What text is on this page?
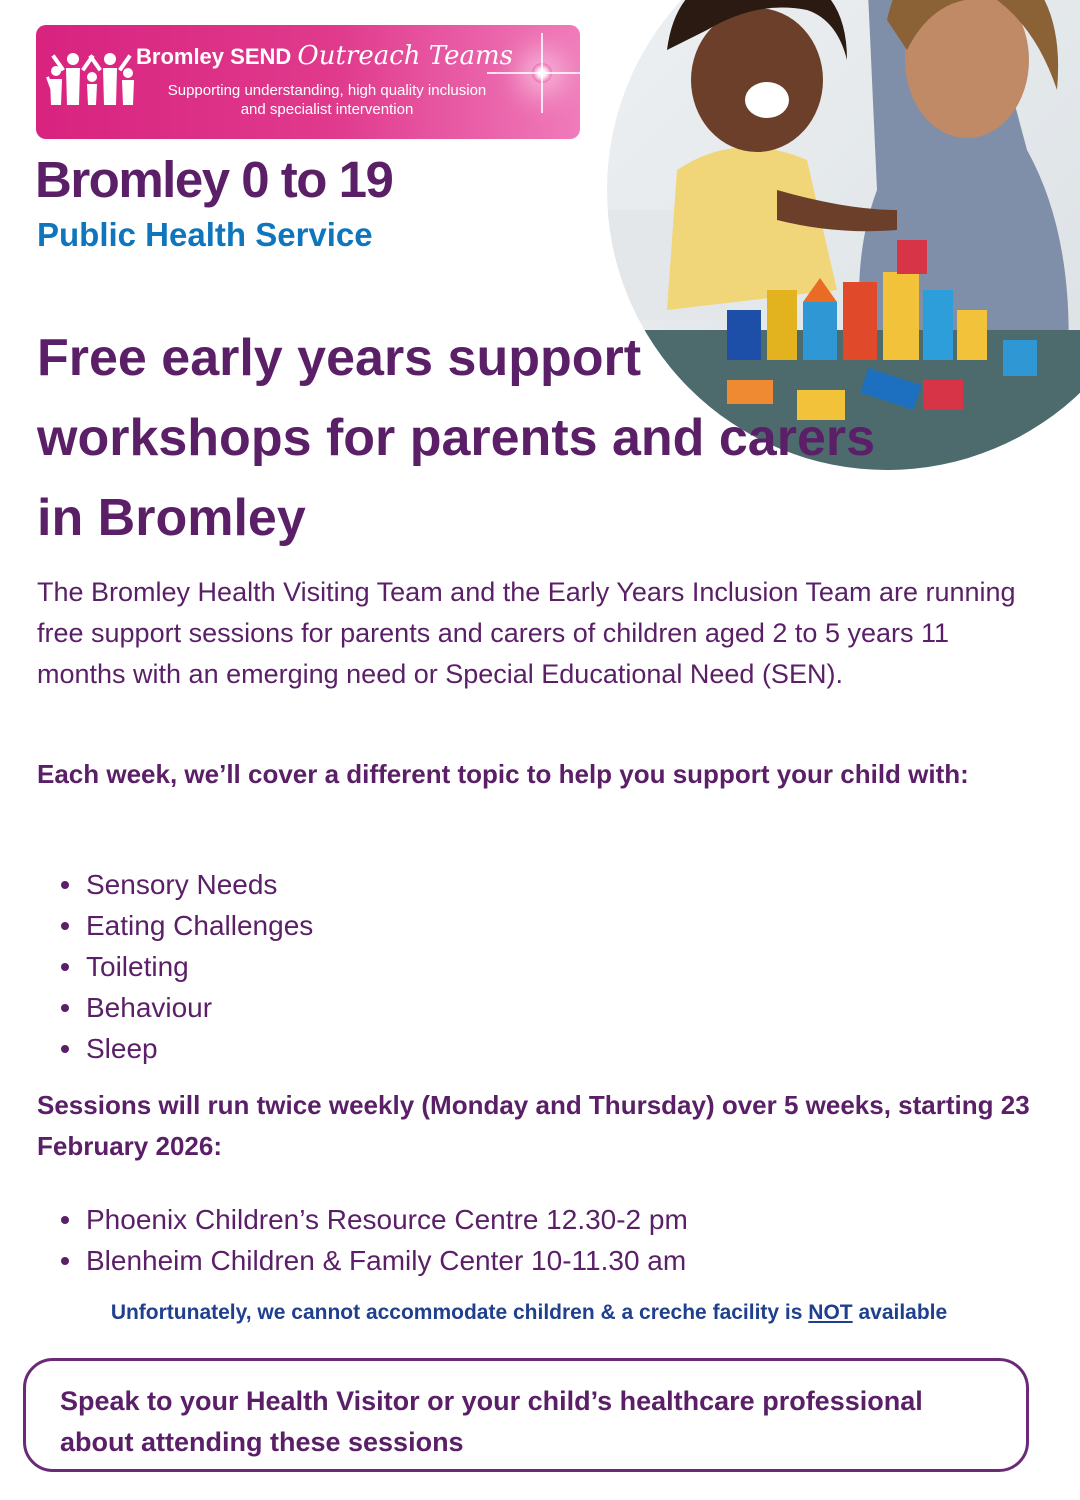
Bromley SEND Outreach Teams
Supporting understanding, high quality inclusion and specialist intervention
Bromley 0 to 19
Public Health Service
Free early years support workshops for parents and carers in Bromley

The Bromley Health Visiting Team and the Early Years Inclusion Team are running free support sessions for parents and carers of children aged 2 to 5 years 11 months with an emerging need or Special Educational Need (SEN).

Each week, we’ll cover a different topic to help you support your child with:

Sensory Needs
Eating Challenges
Toileting
Behaviour
Sleep

Sessions will run twice weekly (Monday and Thursday) over 5 weeks, starting 23 February 2026:

Phoenix Children’s Resource Centre 12.30-2 pm
Blenheim Children & Family Center 10-11.30 am

Unfortunately, we cannot accommodate children & a creche facility is NOT available

Speak to your Health Visitor or your child’s healthcare professional about attending these sessions
